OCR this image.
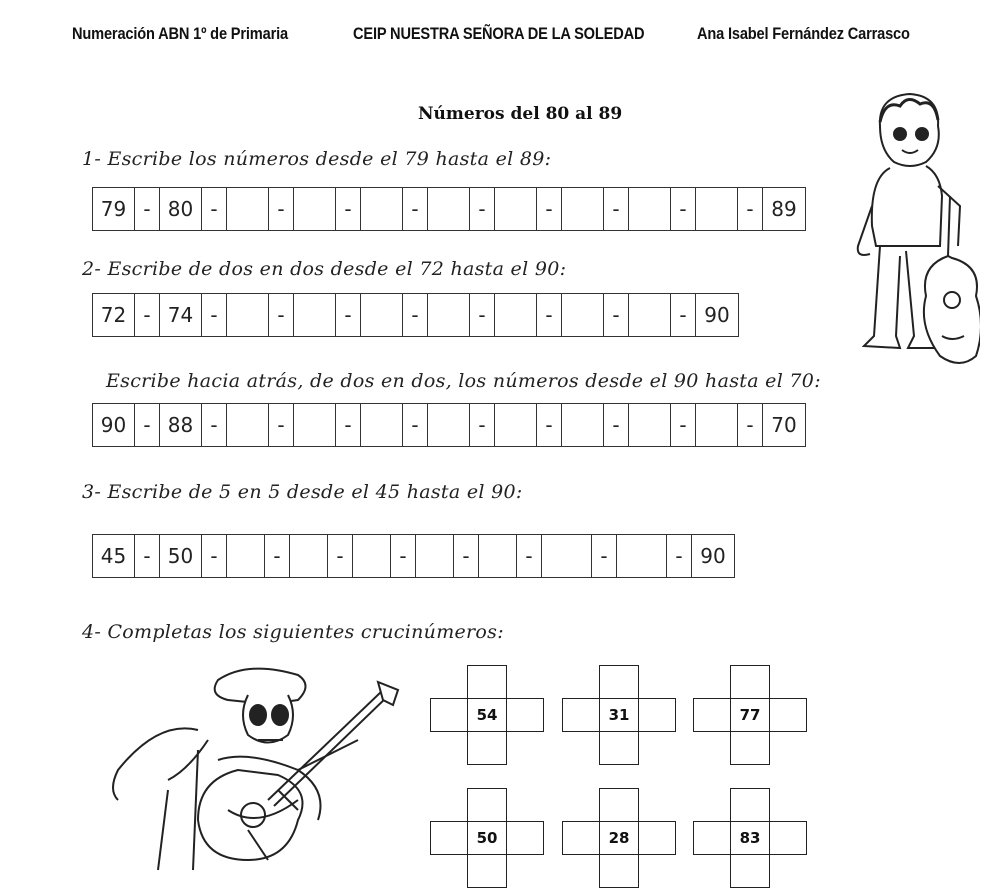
Numeración ABN 1º de Primaria	CEIP NUESTRA SEÑORA DE LA SOLEDAD	Ana Isabel Fernández Carrasco
Números del 80 al 89
1- Escribe los números desde el 79 hasta el 89:
79 - 80 -	-	-	-	-	-	-	-	- 89
2- Escribe de dos en dos desde el 72 hasta el 90:
72 - 74 -	-	-	-	-	-	-	- 90
Escribe hacia atrás, de dos en dos, los números desde el 90 hasta el 70:
90 - 88 -	-	-	-	-	-	-	-	- 70
3- Escribe de 5 en 5 desde el 45 hasta el 90:
45 - 50 -	-	-	-	-	-	-	- 90
4- Completas los siguientes crucinúmeros:
54	31	77
50	28	83
